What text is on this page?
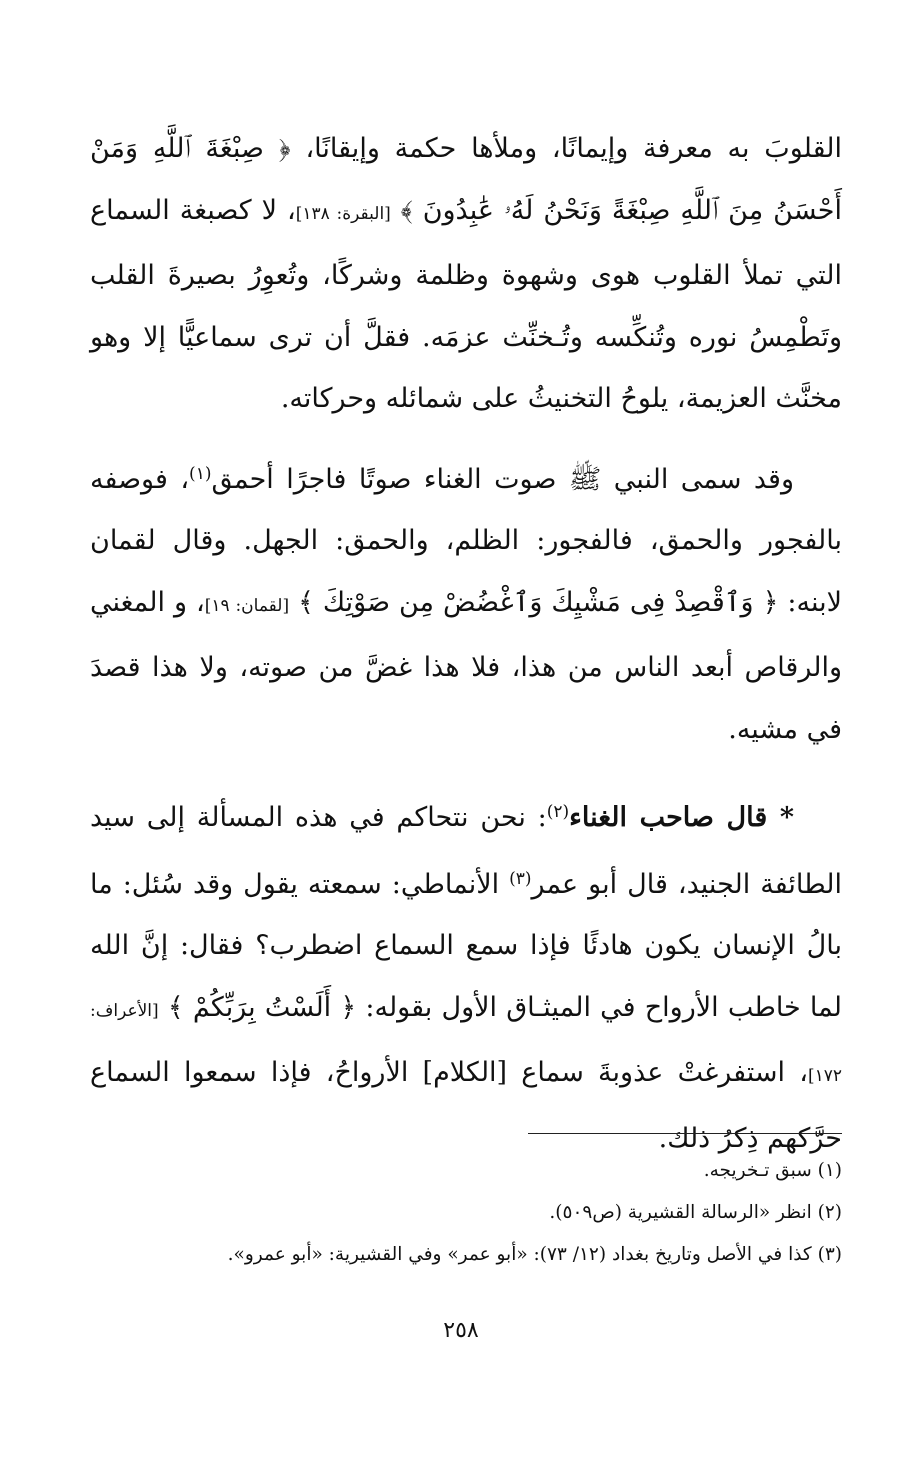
القلوبَ به معرفة وإيمانًا، وملأها حكمة وإيقانًا، ﴿ صِبْغَةَ ٱللَّهِ وَمَنْ أَحْسَنُ مِنَ ٱللَّهِ صِبْغَةً وَنَحْنُ لَهُۥ عَٰبِدُونَ ﴾ [البقرة: ١٣٨]، لا كصبغة السماع التي تملأ القلوب هوى وشهوة وظلمة وشركًا، وتُعوِرُ بصيرةَ القلب وتَطْمِسُ نوره وتُنكِّسه وتُـخنِّث عزمَه. فقلَّ أن ترى سماعيًّا إلا وهو مخنَّث العزيمة، يلوحُ التخنيثُ على شمائله وحركاته.

وقد سمى النبي ﷺ صوت الغناء صوتًا فاجرًا أحمق$^{(١)}$، فوصفه بالفجور والحمق، فالفجور: الظلم، والحمق: الجهل. وقال لقمان لابنه: ﴿ وَٱقْصِدْ فِى مَشْيِكَ وَٱغْضُضْ مِن صَوْتِكَ ﴾ [لقمان: ١٩]، و المغني والرقاص أبعد الناس من هذا، فلا هذا غضَّ من صوته، ولا هذا قصدَ في مشيه.

* قال صاحب الغناء$^{(٢)}$: نحن نتحاكم في هذه المسألة إلى سيد الطائفة الجنيد، قال أبو عمر$^{(٣)}$ الأنماطي: سمعته يقول وقد سُئل: ما بالُ الإنسان يكون هادئًا فإذا سمع السماع اضطرب؟ فقال: إنَّ الله لما خاطب الأرواح في الميثـاق الأول بقوله: ﴿ أَلَسْتُ بِرَبِّكُمْ ﴾ [الأعراف: ١٧٢]، استفرغتْ عذوبةَ سماع [الكلام] الأرواحُ، فإذا سمعوا السماع حرَّكهم ذِكرُ ذلك.

(١) سبق تـخريجه.

(٢) انظر «الرسالة القشيرية (ص٥٠٩).

(٣) كذا في الأصل وتاريخ بغداد (١٢/ ٧٣): «أبو عمر» وفي القشيرية: «أبو عمرو».

٢٥٨
